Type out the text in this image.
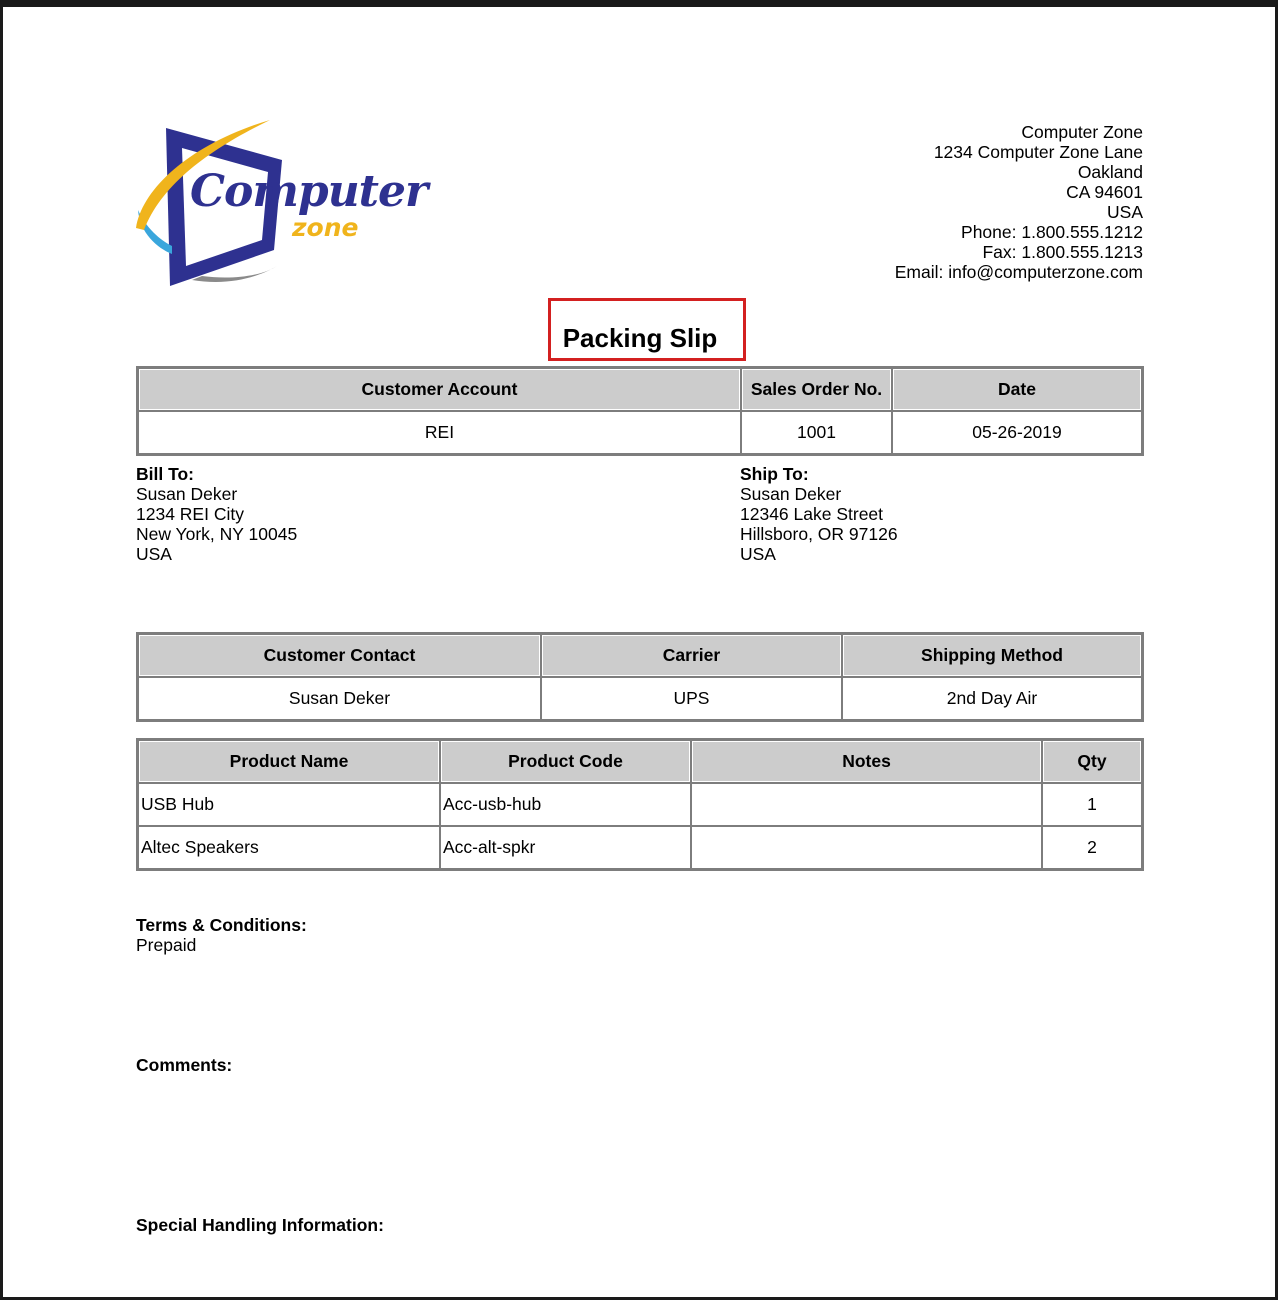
Computer
zone
Computer Zone
1234 Computer Zone Lane
Oakland
CA 94601
USA
Phone: 1.800.555.1212
Fax: 1.800.555.1213
Email: info@computerzone.com
Packing Slip
Customer Account	Sales Order No.	Date
REI	1001	05-26-2019
Bill To:
Susan Deker
1234 REI City
New York, NY 10045
USA
Ship To:
Susan Deker
12346 Lake Street
Hillsboro, OR 97126
USA
Customer Contact	Carrier	Shipping Method
Susan Deker	UPS	2nd Day Air
Product Name	Product Code	Notes	Qty
USB Hub	Acc-usb-hub		1
Altec Speakers	Acc-alt-spkr		2
Terms & Conditions:
Prepaid
Comments:
Special Handling Information:
